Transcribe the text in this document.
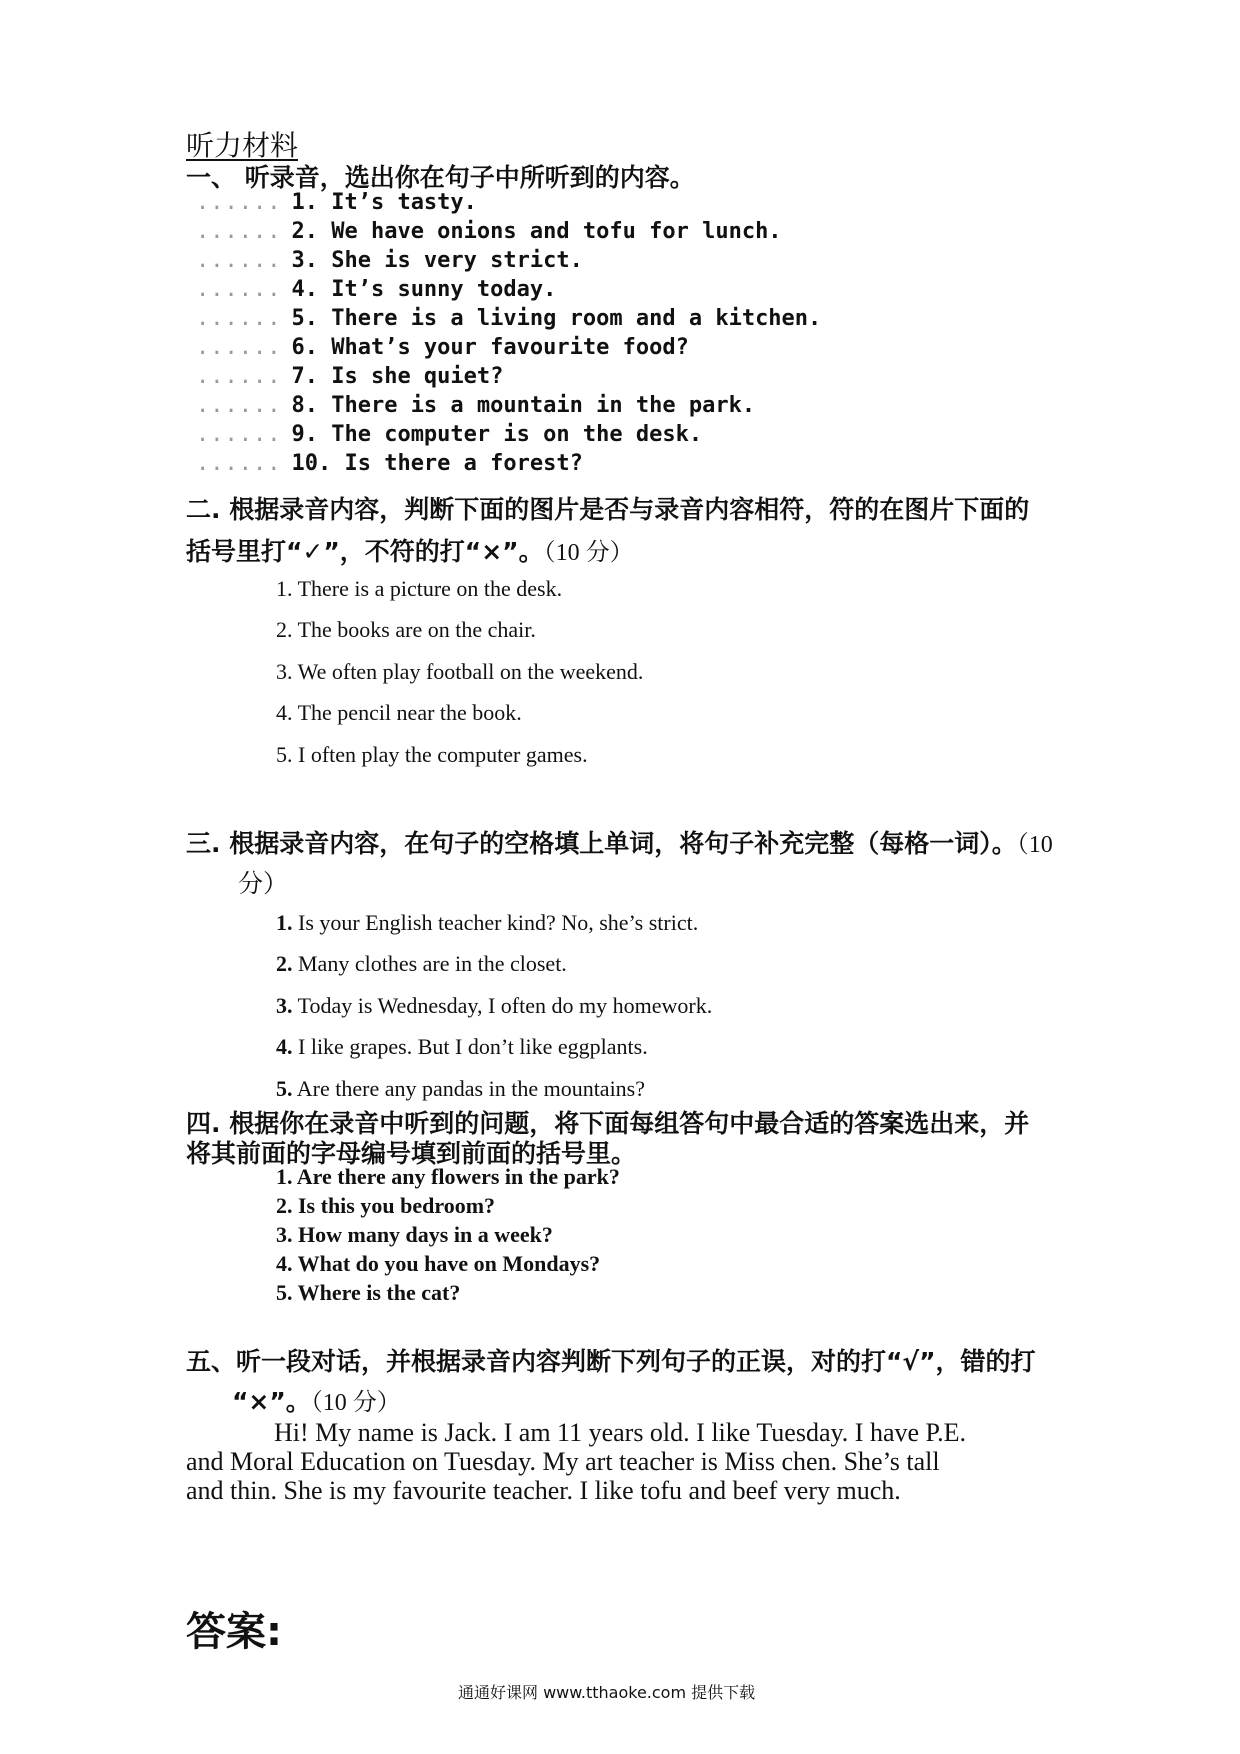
听力材料
一、 听录音，选出你在句子中所听到的内容。
...... 1. It’s tasty.
...... 2. We have onions and tofu for lunch.
...... 3. She is very strict.
...... 4. It’s sunny today.
...... 5. There is a living room and a kitchen.
...... 6. What’s your favourite food?
...... 7. Is she quiet?
...... 8. There is a mountain in the park.
...... 9. The computer is on the desk.
...... 10. Is there a forest?
二. 根据录音内容，判断下面的图片是否与录音内容相符，符的在图片下面的
括号里打“✓”，不符的打“×”。（10 分）
1. There is a picture on the desk.
2. The books are on the chair.
3. We often play football on the weekend.
4. The pencil near the book.
5. I often play the computer games.
三. 根据录音内容，在句子的空格填上单词，将句子补充完整（每格一词）。（10
分）
1. Is your English teacher kind? No, she’s strict.
2. Many clothes are in the closet.
3. Today is Wednesday, I often do my homework.
4. I like grapes. But I don’t like eggplants.
5. Are there any pandas in the mountains?
四. 根据你在录音中听到的问题，将下面每组答句中最合适的答案选出来，并
将其前面的字母编号填到前面的括号里。
1. Are there any flowers in the park?
2. Is this you bedroom?
3. How many days in a week?
4. What do you have on Mondays?
5. Where is the cat?
五、听一段对话，并根据录音内容判断下列句子的正误，对的打“√”，错的打
“×”。（10 分）
Hi! My name is Jack. I am 11 years old. I like Tuesday. I have P.E.
and Moral Education on Tuesday. My art teacher is Miss chen. She’s tall
and thin. She is my favourite teacher. I like tofu and beef very much.
答案:
通通好课网 www.tthaoke.com 提供下载
